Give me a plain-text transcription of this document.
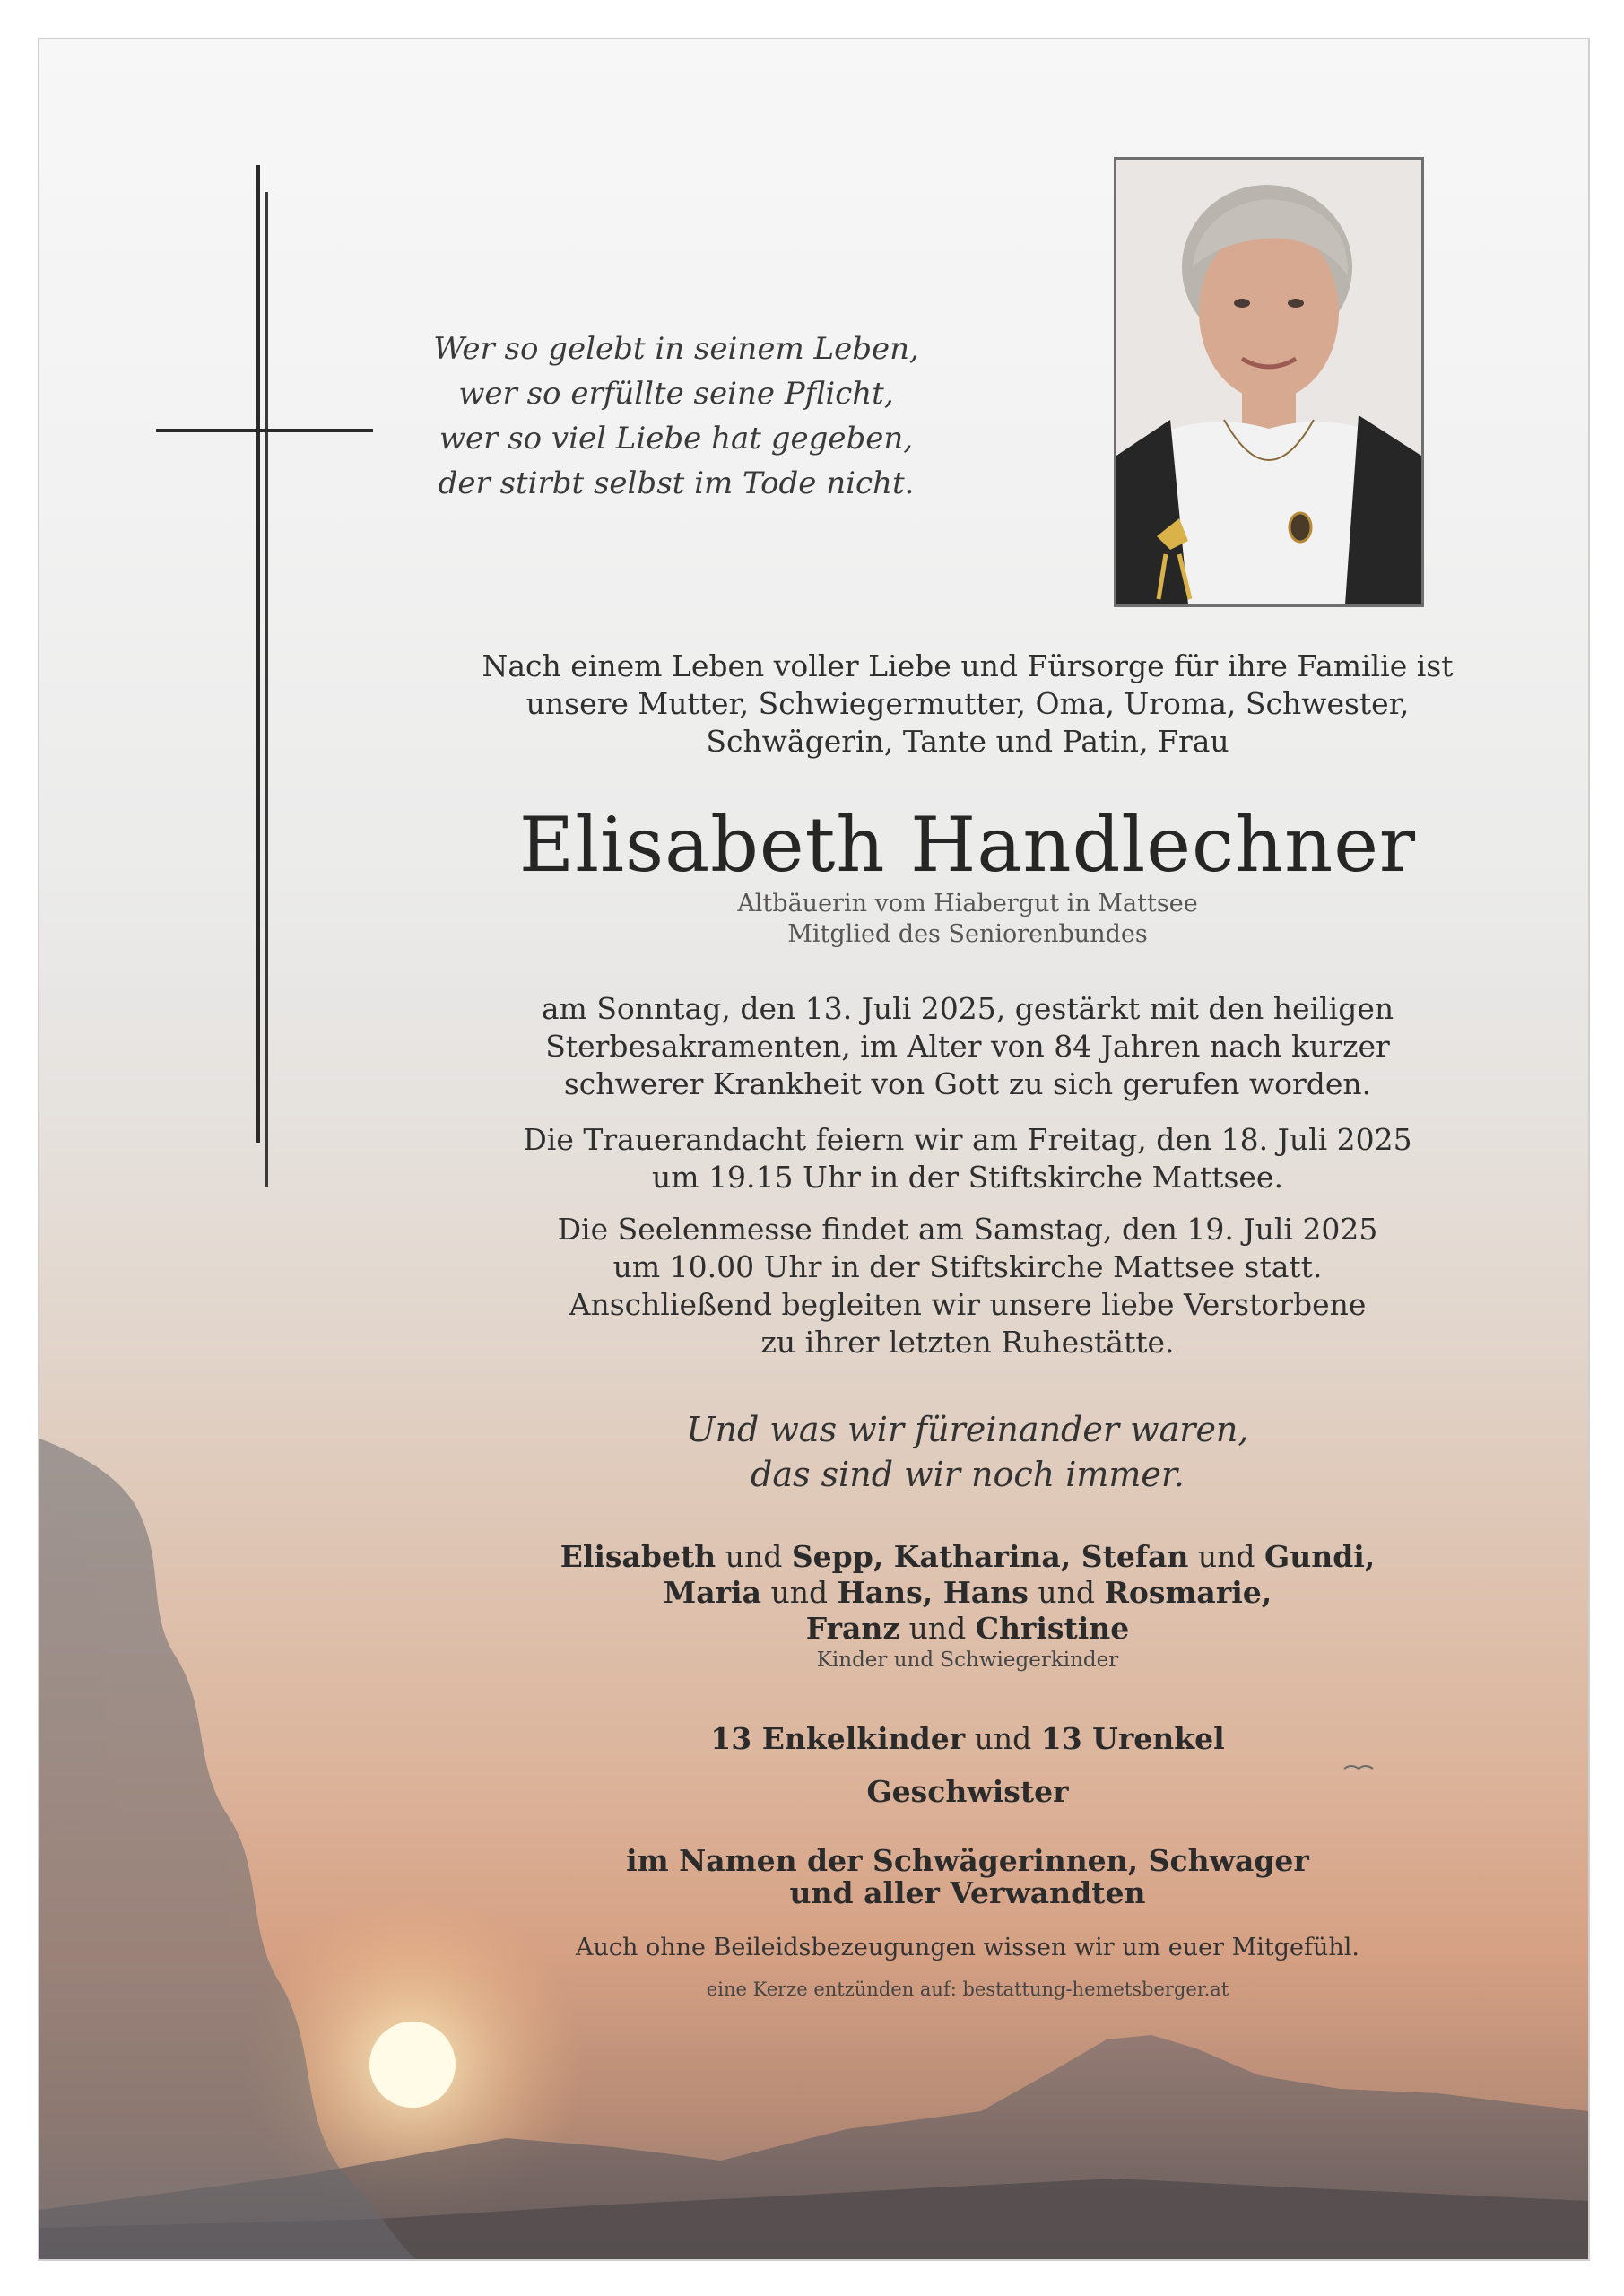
Wer so gelebt in seinem Leben,
wer so erfüllte seine Pflicht,
wer so viel Liebe hat gegeben,
der stirbt selbst im Tode nicht.
Nach einem Leben voller Liebe und Fürsorge für ihre Familie ist
unsere Mutter, Schwiegermutter, Oma, Uroma, Schwester,
Schwägerin, Tante und Patin, Frau
Elisabeth Handlechner
Altbäuerin vom Hiabergut in Mattsee
Mitglied des Seniorenbundes
am Sonntag, den 13. Juli 2025, gestärkt mit den heiligen
Sterbesakramenten, im Alter von 84 Jahren nach kurzer
schwerer Krankheit von Gott zu sich gerufen worden.
Die Trauerandacht feiern wir am Freitag, den 18. Juli 2025
um 19.15 Uhr in der Stiftskirche Mattsee.
Die Seelenmesse findet am Samstag, den 19. Juli 2025
um 10.00 Uhr in der Stiftskirche Mattsee statt.
Anschließend begleiten wir unsere liebe Verstorbene
zu ihrer letzten Ruhestätte.
Und was wir füreinander waren,
das sind wir noch immer.
Elisabeth und Sepp, Katharina, Stefan und Gundi,
Maria und Hans, Hans und Rosmarie,
Franz und Christine
Kinder und Schwiegerkinder
13 Enkelkinder und 13 Urenkel
Geschwister
im Namen der Schwägerinnen, Schwager
und aller Verwandten
Auch ohne Beileidsbezeugungen wissen wir um euer Mitgefühl.
eine Kerze entzünden auf: bestattung-hemetsberger.at
